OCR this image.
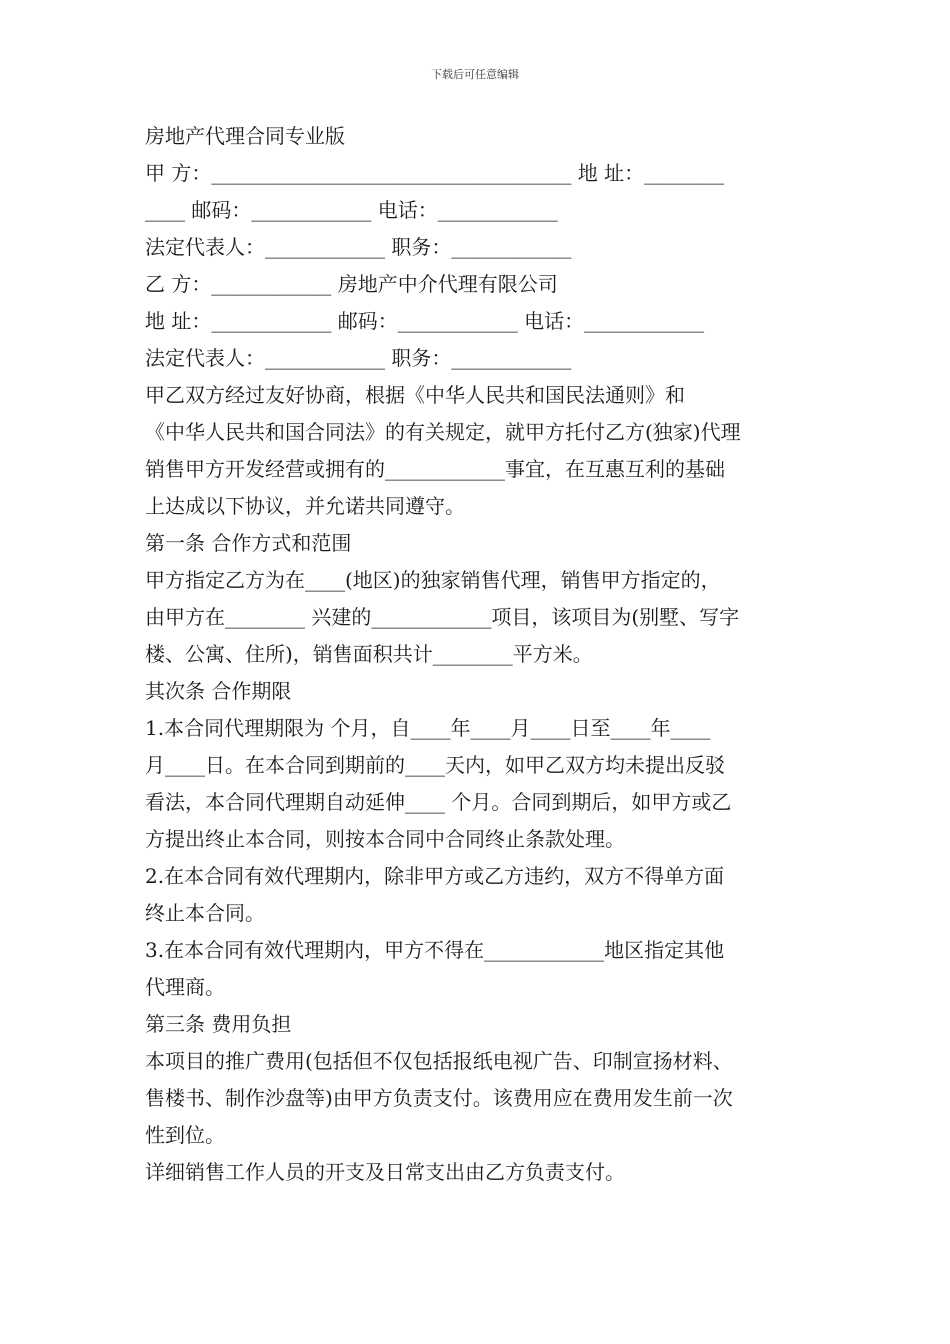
下载后可任意编辑
房地产代理合同专业版
甲 方：____________________________________ 地 址：________
____ 邮码：____________ 电话：____________
法定代表人：____________ 职务：____________
乙 方：____________ 房地产中介代理有限公司
地 址：____________ 邮码：____________ 电话：____________
法定代表人：____________ 职务：____________
甲乙双方经过友好协商，根据《中华人民共和国民法通则》和
《中华人民共和国合同法》的有关规定，就甲方托付乙方(独家)代理
销售甲方开发经营或拥有的____________事宜，在互惠互利的基础
上达成以下协议，并允诺共同遵守。
第一条 合作方式和范围
甲方指定乙方为在____(地区)的独家销售代理，销售甲方指定的，
由甲方在________ 兴建的____________项目，该项目为(别墅、写字
楼、公寓、住所)，销售面积共计________平方米。
其次条 合作期限
1.本合同代理期限为 个月，自____年____月____日至____年____
月____日。在本合同到期前的____天内，如甲乙双方均未提出反驳
看法，本合同代理期自动延伸____ 个月。合同到期后，如甲方或乙
方提出终止本合同，则按本合同中合同终止条款处理。
2.在本合同有效代理期内，除非甲方或乙方违约，双方不得单方面
终止本合同。
3.在本合同有效代理期内，甲方不得在____________地区指定其他
代理商。
第三条 费用负担
本项目的推广费用(包括但不仅包括报纸电视广告、印制宣扬材料、
售楼书、制作沙盘等)由甲方负责支付。该费用应在费用发生前一次
性到位。
详细销售工作人员的开支及日常支出由乙方负责支付。
